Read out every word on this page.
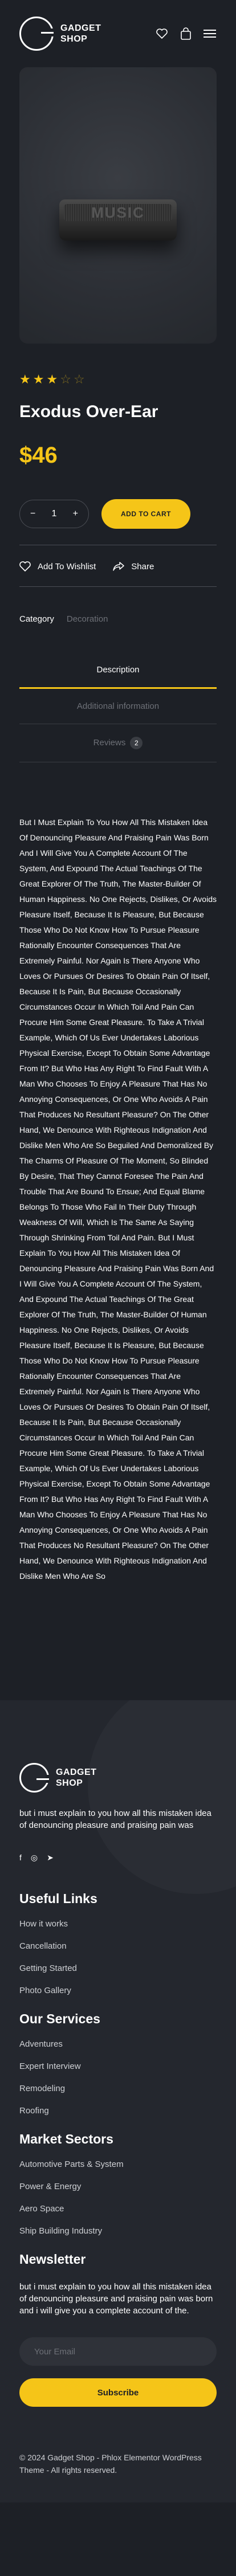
GADGET
SHOP
MUSIC
★ ★ ★ ☆ ☆
Exodus Over-Ear
$46
− 1 +	ADD TO CART
Add To Wishlist	Share
Category Decoration
Description
Additional information
Reviews 2

But I Must Explain To You How All This Mistaken Idea Of Denouncing Pleasure And Praising Pain Was Born And I Will Give You A Complete Account Of The System, And Expound The Actual Teachings Of The Great Explorer Of The Truth, The Master-Builder Of Human Happiness. No One Rejects, Dislikes, Or Avoids Pleasure Itself, Because It Is Pleasure, But Because Those Who Do Not Know How To Pursue Pleasure Rationally Encounter Consequences That Are Extremely Painful. Nor Again Is There Anyone Who Loves Or Pursues Or Desires To Obtain Pain Of Itself, Because It Is Pain, But Because Occasionally Circumstances Occur In Which Toil And Pain Can Procure Him Some Great Pleasure. To Take A Trivial Example, Which Of Us Ever Undertakes Laborious Physical Exercise, Except To Obtain Some Advantage From It? But Who Has Any Right To Find Fault With A Man Who Chooses To Enjoy A Pleasure That Has No Annoying Consequences, Or One Who Avoids A Pain That Produces No Resultant Pleasure? On The Other Hand, We Denounce With Righteous Indignation And Dislike Men Who Are So Beguiled And Demoralized By The Charms Of Pleasure Of The Moment, So Blinded By Desire, That They Cannot Foresee The Pain And Trouble That Are Bound To Ensue; And Equal Blame Belongs To Those Who Fail In Their Duty Through Weakness Of Will, Which Is The Same As Saying Through Shrinking From Toil And Pain. But I Must Explain To You How All This Mistaken Idea Of Denouncing Pleasure And Praising Pain Was Born And I Will Give You A Complete Account Of The System, And Expound The Actual Teachings Of The Great Explorer Of The Truth, The Master-Builder Of Human Happiness. No One Rejects, Dislikes, Or Avoids Pleasure Itself, Because It Is Pleasure, But Because Those Who Do Not Know How To Pursue Pleasure Rationally Encounter Consequences That Are Extremely Painful. Nor Again Is There Anyone Who Loves Or Pursues Or Desires To Obtain Pain Of Itself, Because It Is Pain, But Because Occasionally Circumstances Occur In Which Toil And Pain Can Procure Him Some Great Pleasure. To Take A Trivial Example, Which Of Us Ever Undertakes Laborious Physical Exercise, Except To Obtain Some Advantage From It? But Who Has Any Right To Find Fault With A Man Who Chooses To Enjoy A Pleasure That Has No Annoying Consequences, Or One Who Avoids A Pain That Produces No Resultant Pleasure? On The Other Hand, We Denounce With Righteous Indignation And Dislike Men Who Are So

GADGET
SHOP

but i must explain to you how all this mistaken idea of denouncing pleasure and praising pain was

f ◎ ➤
Useful Links
How it works
Cancellation
Getting Started
Photo Gallery
Our Services
Adventures
Expert Interview
Remodeling
Roofing
Market Sectors
Automotive Parts & System
Power & Energy
Aero Space
Ship Building Industry
Newsletter

but i must explain to you how all this mistaken idea of denouncing pleasure and praising pain was born and i will give you a complete account of the.

Your Email Subscribe

© 2024 Gadget Shop - Phlox Elementor WordPress Theme - All rights reserved.
